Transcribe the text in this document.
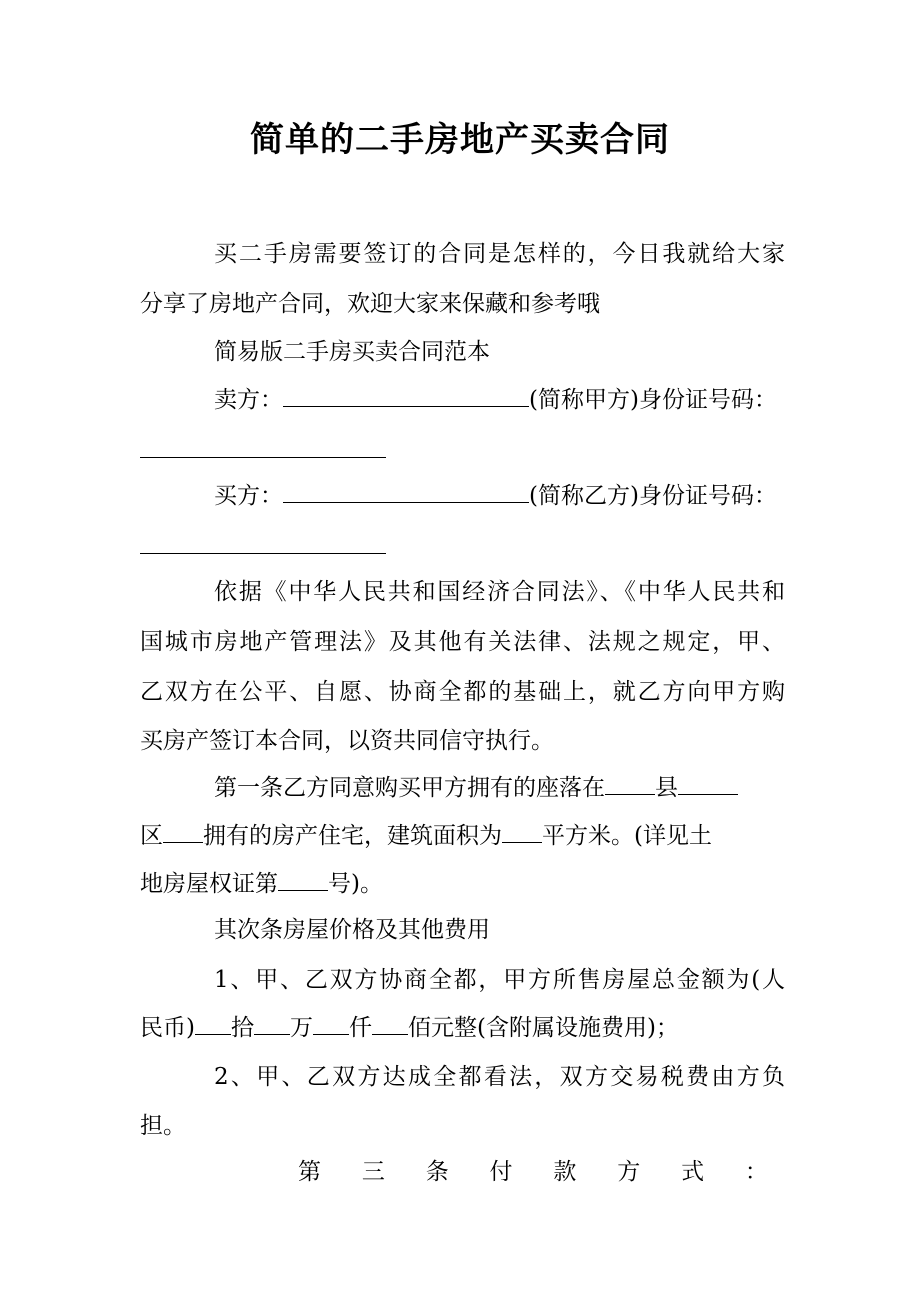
简单的二手房地产买卖合同
买二手房需要签订的合同是怎样的，今日我就给大家
分享了房地产合同，欢迎大家来保藏和参考哦
简易版二手房买卖合同范本
卖方：	(简称甲方)身份证号码：
买方：	(简称乙方)身份证号码：
依据《中华人民共和国经济合同法》、《中华人民共和
国城市房地产管理法》及其他有关法律、法规之规定，甲、
乙双方在公平、自愿、协商全都的基础上，就乙方向甲方购
买房产签订本合同，以资共同信守执行。
第一条乙方同意购买甲方拥有的座落在 县
区 拥有的房产住宅，建筑面积为 平方米。(详见土
地房屋权证第 号)。
其次条房屋价格及其他费用
1、甲、乙双方协商全都，甲方所售房屋总金额为(人
民币) 拾 万 仟 佰元整(含附属设施费用)；
2、甲、乙双方达成全都看法，双方交易税费由方负
担。
第 三 条 付 款 方 式 ：
